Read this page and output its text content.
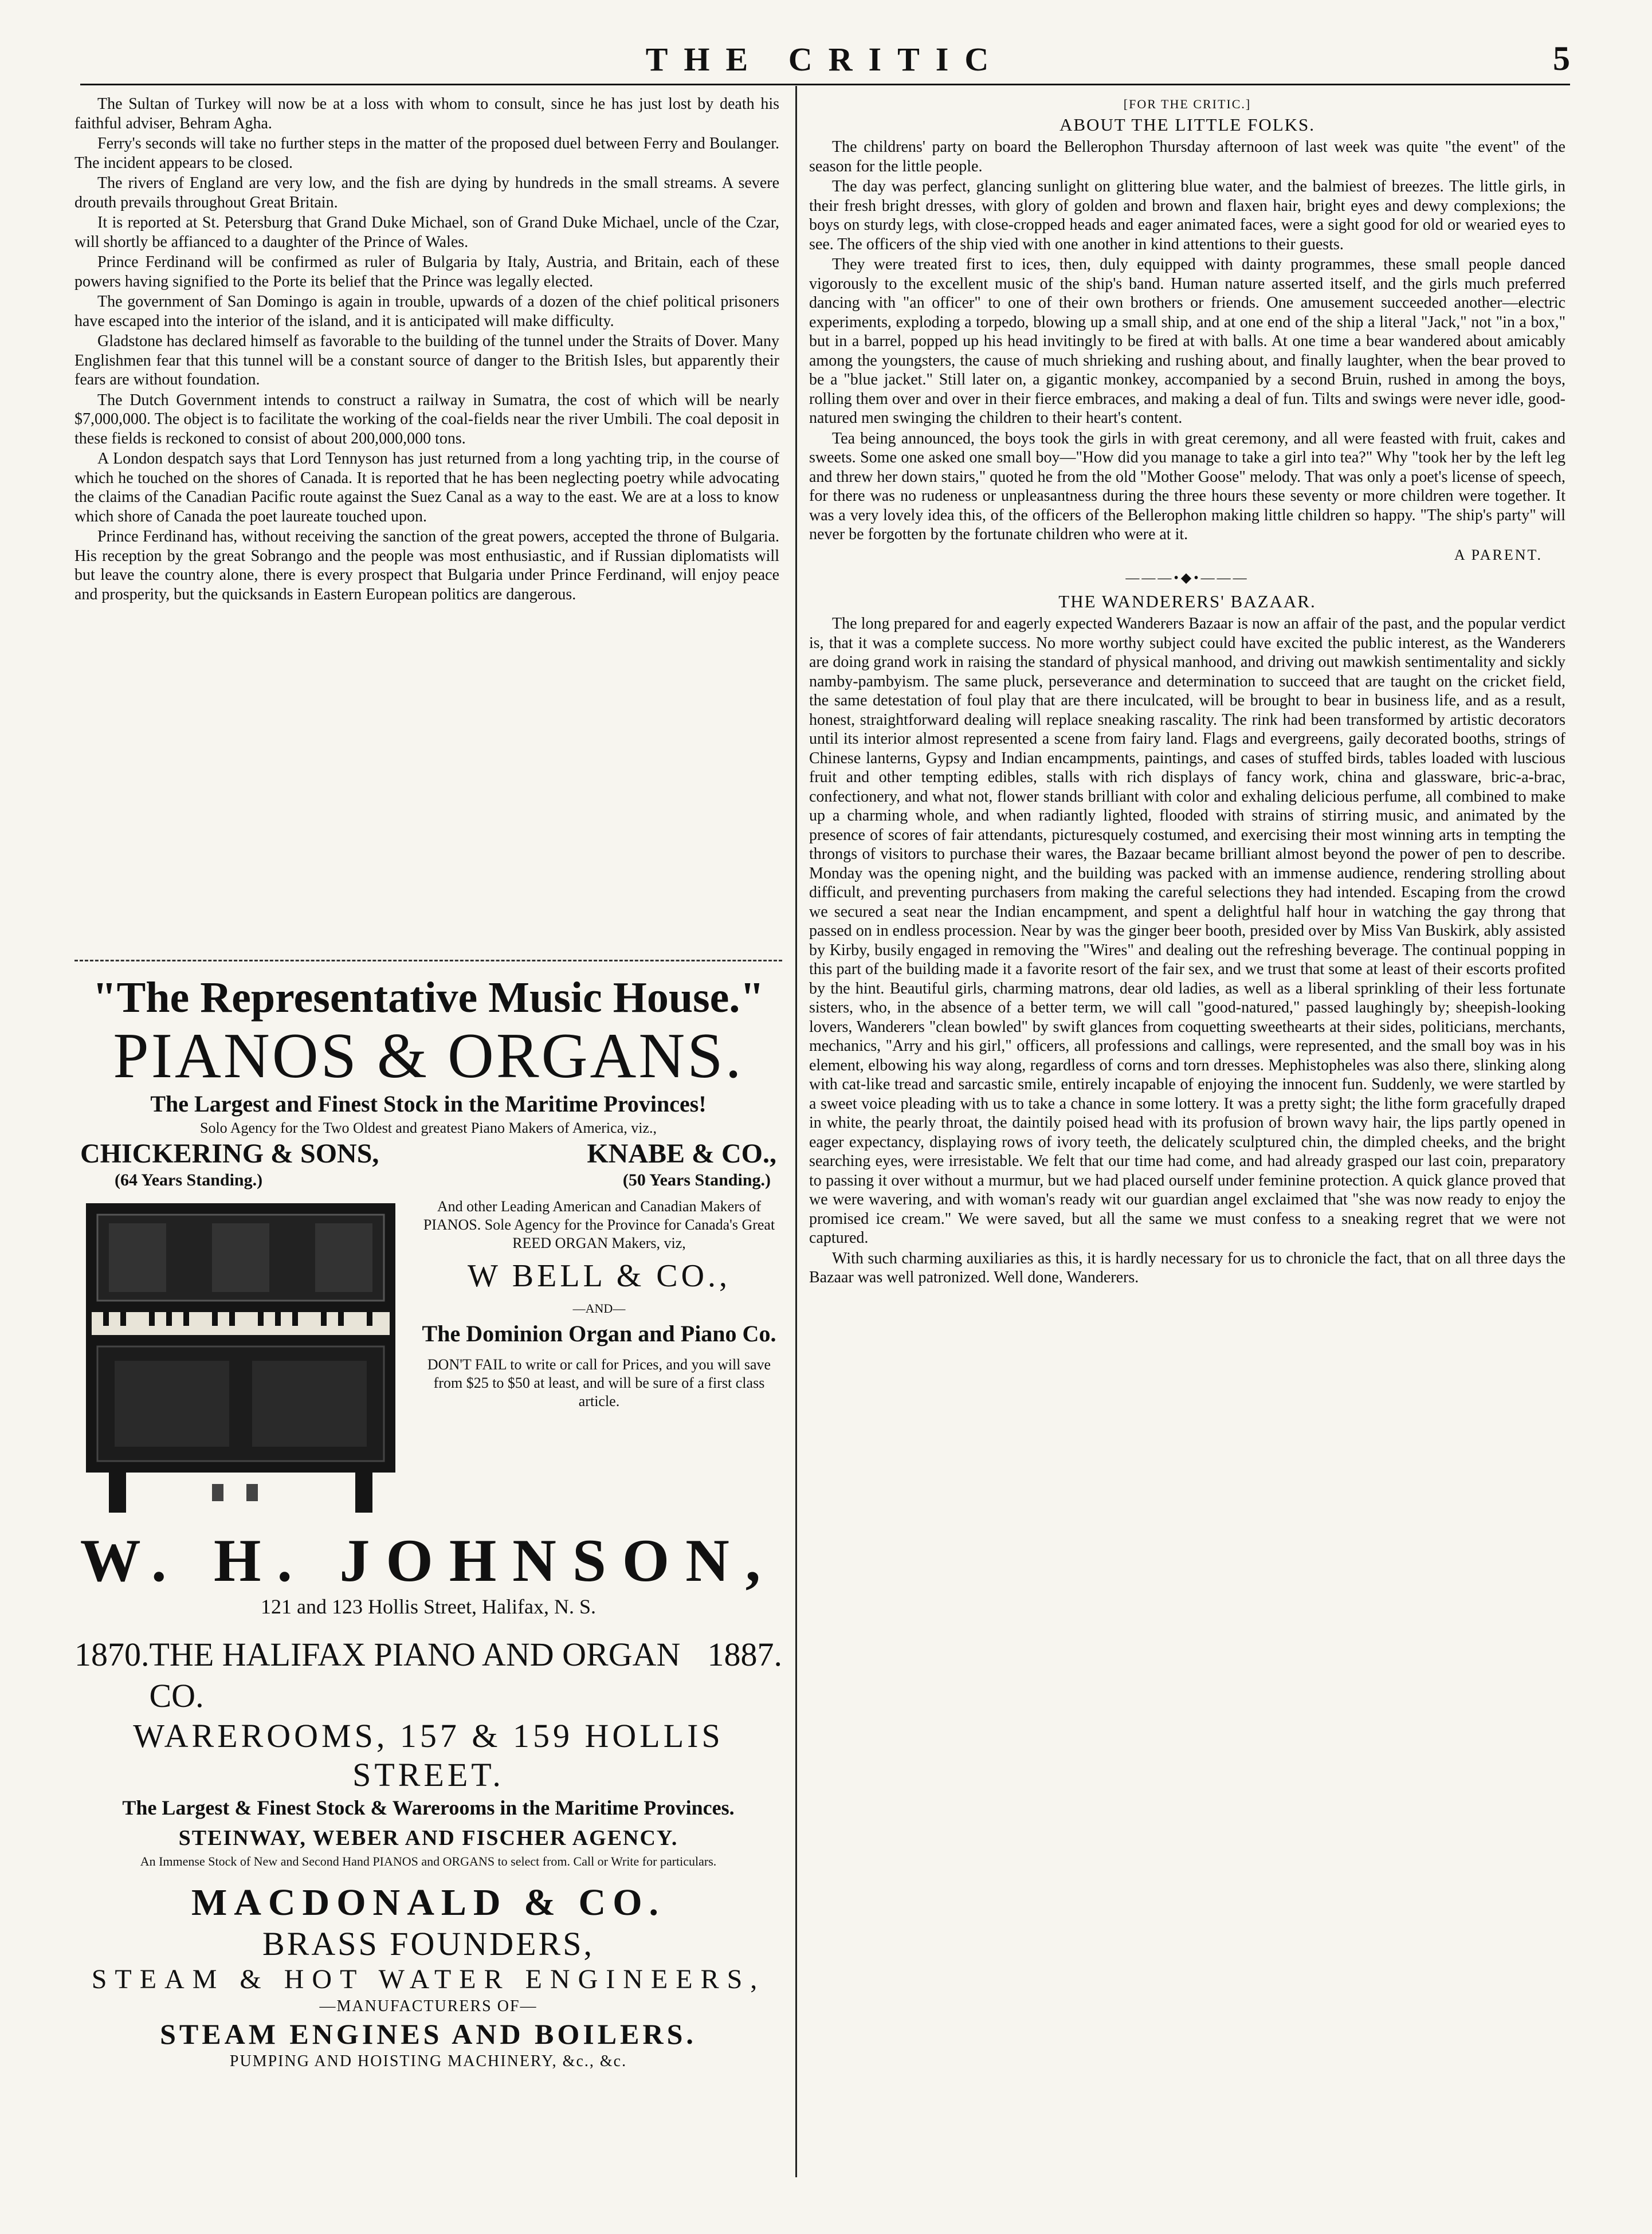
THE CRITIC	5

The Sultan of Turkey will now be at a loss with whom to consult, since he has just lost by death his faithful adviser, Behram Agha.

Ferry's seconds will take no further steps in the matter of the proposed duel between Ferry and Boulanger. The incident appears to be closed.

The rivers of England are very low, and the fish are dying by hundreds in the small streams. A severe drouth prevails throughout Great Britain.

It is reported at St. Petersburg that Grand Duke Michael, son of Grand Duke Michael, uncle of the Czar, will shortly be affianced to a daughter of the Prince of Wales.

Prince Ferdinand will be confirmed as ruler of Bulgaria by Italy, Austria, and Britain, each of these powers having signified to the Porte its belief that the Prince was legally elected.

The government of San Domingo is again in trouble, upwards of a dozen of the chief political prisoners have escaped into the interior of the island, and it is anticipated will make difficulty.

Gladstone has declared himself as favorable to the building of the tunnel under the Straits of Dover. Many Englishmen fear that this tunnel will be a constant source of danger to the British Isles, but apparently their fears are without foundation.

The Dutch Government intends to construct a railway in Sumatra, the cost of which will be nearly $7,000,000. The object is to facilitate the working of the coal-fields near the river Umbili. The coal deposit in these fields is reckoned to consist of about 200,000,000 tons.

A London despatch says that Lord Tennyson has just returned from a long yachting trip, in the course of which he touched on the shores of Canada. It is reported that he has been neglecting poetry while advocating the claims of the Canadian Pacific route against the Suez Canal as a way to the east. We are at a loss to know which shore of Canada the poet laureate touched upon.

Prince Ferdinand has, without receiving the sanction of the great powers, accepted the throne of Bulgaria. His reception by the great Sobrango and the people was most enthusiastic, and if Russian diplomatists will but leave the country alone, there is every prospect that Bulgaria under Prince Ferdinand, will enjoy peace and prosperity, but the quicksands in Eastern European politics are dangerous.

"The Representative Music House."
PIANOS & ORGANS.
The Largest and Finest Stock in the Maritime Provinces!
Solo Agency for the Two Oldest and greatest Piano Makers of America, viz.,
CHICKERING & SONS,	KNABE & CO.,
(64 Years Standing.)	(50 Years Standing.)
And other Leading American and Canadian Makers of PIANOS. Sole Agency for the Province for Canada's Great REED ORGAN Makers, viz,
W BELL & CO.,
—AND—
The Dominion Organ and Piano Co.
DON'T FAIL to write or call for Prices, and you will save from $25 to $50 at least, and will be sure of a first class article.
W. H. JOHNSON,
121 and 123 Hollis Street, Halifax, N. S.
1870. THE HALIFAX PIANO AND ORGAN CO.
1887.
WAREROOMS, 157 & 159 HOLLIS STREET.
The Largest & Finest Stock & Warerooms in the Maritime Provinces.
STEINWAY, WEBER AND FISCHER AGENCY.
An Immense Stock of New and Second Hand PIANOS and ORGANS to select from. Call or Write for particulars.
MACDONALD & CO.
BRASS FOUNDERS,
STEAM & HOT WATER ENGINEERS,
—MANUFACTURERS OF—
STEAM ENGINES AND BOILERS.
PUMPING AND HOISTING MACHINERY, &c., &c.
[FOR THE CRITIC.]
ABOUT THE LITTLE FOLKS.

The childrens' party on board the Bellerophon Thursday afternoon of last week was quite "the event" of the season for the little people.

The day was perfect, glancing sunlight on glittering blue water, and the balmiest of breezes. The little girls, in their fresh bright dresses, with glory of golden and brown and flaxen hair, bright eyes and dewy complexions; the boys on sturdy legs, with close-cropped heads and eager animated faces, were a sight good for old or wearied eyes to see. The officers of the ship vied with one another in kind attentions to their guests.

They were treated first to ices, then, duly equipped with dainty programmes, these small people danced vigorously to the excellent music of the ship's band. Human nature asserted itself, and the girls much preferred dancing with "an officer" to one of their own brothers or friends. One amusement succeeded another—electric experiments, exploding a torpedo, blowing up a small ship, and at one end of the ship a literal "Jack," not "in a box," but in a barrel, popped up his head invitingly to be fired at with balls. At one time a bear wandered about amicably among the youngsters, the cause of much shrieking and rushing about, and finally laughter, when the bear proved to be a "blue jacket." Still later on, a gigantic monkey, accompanied by a second Bruin, rushed in among the boys, rolling them over and over in their fierce embraces, and making a deal of fun. Tilts and swings were never idle, good-natured men swinging the children to their heart's content.

Tea being announced, the boys took the girls in with great ceremony, and all were feasted with fruit, cakes and sweets. Some one asked one small boy—"How did you manage to take a girl into tea?" Why "took her by the left leg and threw her down stairs," quoted he from the old "Mother Goose" melody. That was only a poet's license of speech, for there was no rudeness or unpleasantness during the three hours these seventy or more children were together. It was a very lovely idea this, of the officers of the Bellerophon making little children so happy. "The ship's party" will never be forgotten by the fortunate children who were at it.

A PARENT.
———•◆•———
THE WANDERERS' BAZAAR.

The long prepared for and eagerly expected Wanderers Bazaar is now an affair of the past, and the popular verdict is, that it was a complete success. No more worthy subject could have excited the public interest, as the Wanderers are doing grand work in raising the standard of physical manhood, and driving out mawkish sentimentality and sickly namby-pambyism. The same pluck, perseverance and determination to succeed that are taught on the cricket field, the same detestation of foul play that are there inculcated, will be brought to bear in business life, and as a result, honest, straightforward dealing will replace sneaking rascality. The rink had been transformed by artistic decorators until its interior almost represented a scene from fairy land. Flags and evergreens, gaily decorated booths, strings of Chinese lanterns, Gypsy and Indian encampments, paintings, and cases of stuffed birds, tables loaded with luscious fruit and other tempting edibles, stalls with rich displays of fancy work, china and glassware, bric-a-brac, confectionery, and what not, flower stands brilliant with color and exhaling delicious perfume, all combined to make up a charming whole, and when radiantly lighted, flooded with strains of stirring music, and animated by the presence of scores of fair attendants, picturesquely costumed, and exercising their most winning arts in tempting the throngs of visitors to purchase their wares, the Bazaar became brilliant almost beyond the power of pen to describe. Monday was the opening night, and the building was packed with an immense audience, rendering strolling about difficult, and preventing purchasers from making the careful selections they had intended. Escaping from the crowd we secured a seat near the Indian encampment, and spent a delightful half hour in watching the gay throng that passed on in endless procession. Near by was the ginger beer booth, presided over by Miss Van Buskirk, ably assisted by Kirby, busily engaged in removing the "Wires" and dealing out the refreshing beverage. The continual popping in this part of the building made it a favorite resort of the fair sex, and we trust that some at least of their escorts profited by the hint. Beautiful girls, charming matrons, dear old ladies, as well as a liberal sprinkling of their less fortunate sisters, who, in the absence of a better term, we will call "good-natured," passed laughingly by; sheepish-looking lovers, Wanderers "clean bowled" by swift glances from coquetting sweethearts at their sides, politicians, merchants, mechanics, "Arry and his girl," officers, all professions and callings, were represented, and the small boy was in his element, elbowing his way along, regardless of corns and torn dresses. Mephistopheles was also there, slinking along with cat-like tread and sarcastic smile, entirely incapable of enjoying the innocent fun. Suddenly, we were startled by a sweet voice pleading with us to take a chance in some lottery. It was a pretty sight; the lithe form gracefully draped in white, the pearly throat, the daintily poised head with its profusion of brown wavy hair, the lips partly opened in eager expectancy, displaying rows of ivory teeth, the delicately sculptured chin, the dimpled cheeks, and the bright searching eyes, were irresistable. We felt that our time had come, and had already grasped our last coin, preparatory to passing it over without a murmur, but we had placed ourself under feminine protection. A quick glance proved that we were wavering, and with woman's ready wit our guardian angel exclaimed that "she was now ready to enjoy the promised ice cream." We were saved, but all the same we must confess to a sneaking regret that we were not captured.

With such charming auxiliaries as this, it is hardly necessary for us to chronicle the fact, that on all three days the Bazaar was well patronized. Well done, Wanderers.
